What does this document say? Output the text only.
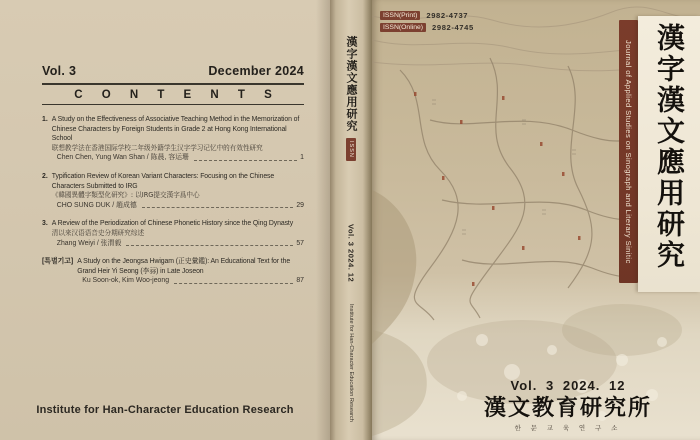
Vol. 3	December 2024
C O N T E N T S
1. A Study on the Effectiveness of Associative Teaching Method in the Memorization of Chinese Characters by Foreign Students in Grade 2 at Hong Kong International School
联想教学法在香港国际学校二年级外籍学生汉字学习记忆中的有效性研究
Chen Chen, Yung Wan Shan / 陈晨, 容运珊	1
2. Typification Review of Korean Variant Characters: Focusing on the Chinese Characters Submitted to IRG
《韓國異體字類型化研究》: 以IRG提交漢字爲中心
CHO SUNG DUK / 趙成德	29
3. A Review of the Periodization of Chinese Phonetic History since the Qing Dynasty
清以来汉语语音史分期研究综述
Zhang Weiyi / 张渭毅	57
[특별기고] A Study on the Jeongsa Hwigam (正史彙鑑): An Educational Text for the Grand Heir Yi Seong (李祘) in Late Joseon
Ku Soon-ok, Kim Woo-jeong	87
Institute for Han-Character Education Research
漢字漢文應用研究
ISSN
Vol. 3 2024. 12
Institute for Han-Character Education Research
ISSN(Print)	2982-4737
ISSN(Online)	2982-4745
Journal of Applied Studies on Sinograph and Literary Sinitic 漢字漢文應用研究
Vol. 3 2024. 12
漢文教育研究所
한 문 교 육 연 구 소
